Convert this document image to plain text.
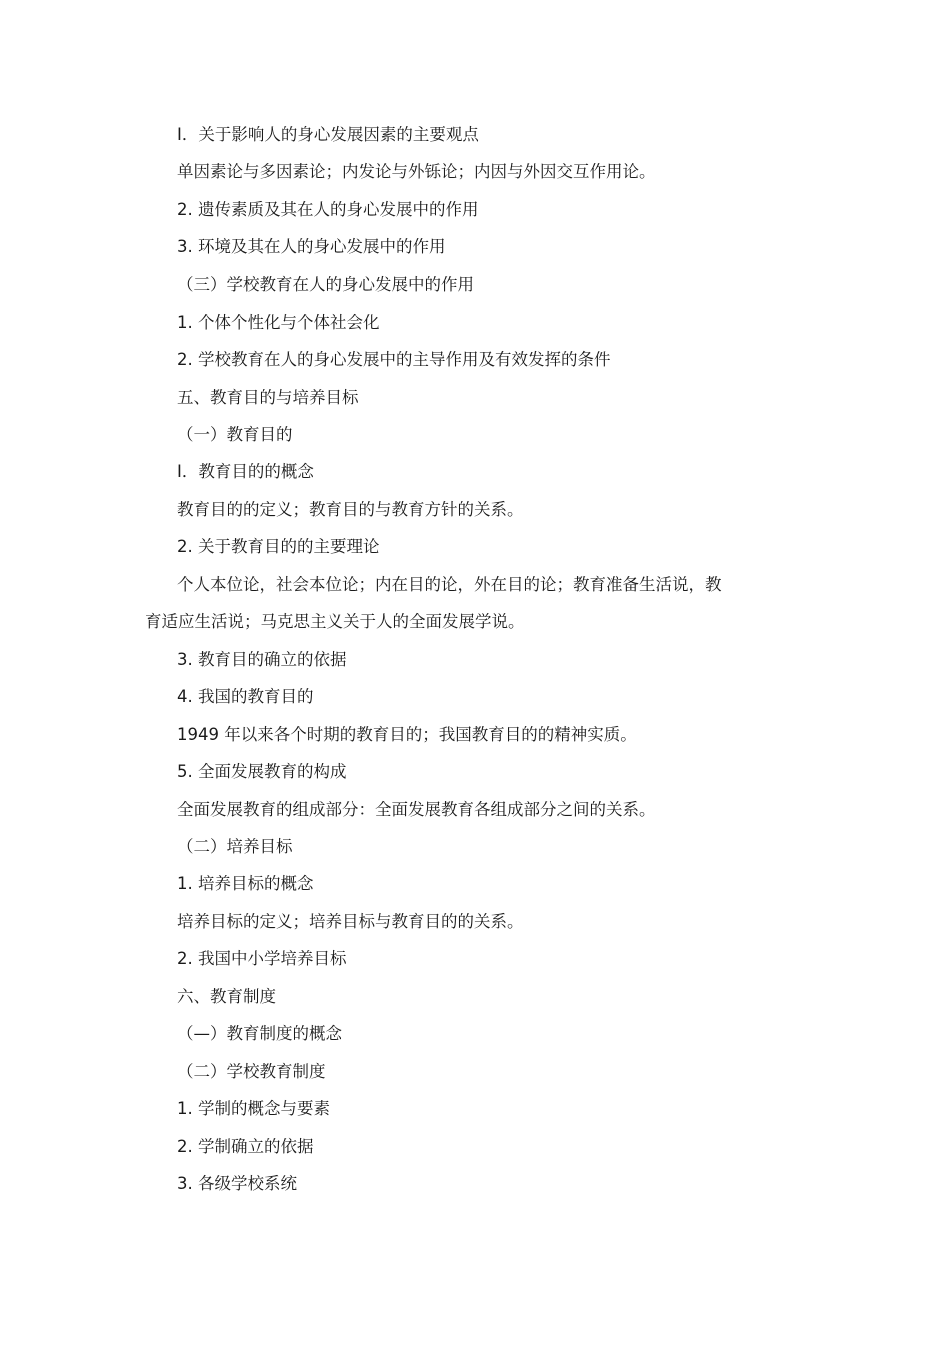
I．关于影响人的身心发展因素的主要观点
单因素论与多因素论；内发论与外铄论；内因与外因交互作用论。
2. 遗传素质及其在人的身心发展中的作用
3. 环境及其在人的身心发展中的作用
（三）学校教育在人的身心发展中的作用
1. 个体个性化与个体社会化
2. 学校教育在人的身心发展中的主导作用及有效发挥的条件
五、教育目的与培养目标
（一）教育目的
I．教育目的的概念
教育目的的定义；教育目的与教育方针的关系。
2. 关于教育目的的主要理论
个人本位论，社会本位论；内在目的论，外在目的论；教育准备生活说，教
育适应生活说；马克思主义关于人的全面发展学说。
3. 教育目的确立的依据
4. 我国的教育目的
1949 年以来各个时期的教育目的；我国教育目的的精神实质。
5. 全面发展教育的构成
全面发展教育的组成部分：全面发展教育各组成部分之间的关系。
（二）培养目标
1. 培养目标的概念
培养目标的定义；培养目标与教育目的的关系。
2. 我国中小学培养目标
六、教育制度
（—）教育制度的概念
（二）学校教育制度
1. 学制的概念与要素
2. 学制确立的依据
3. 各级学校系统
